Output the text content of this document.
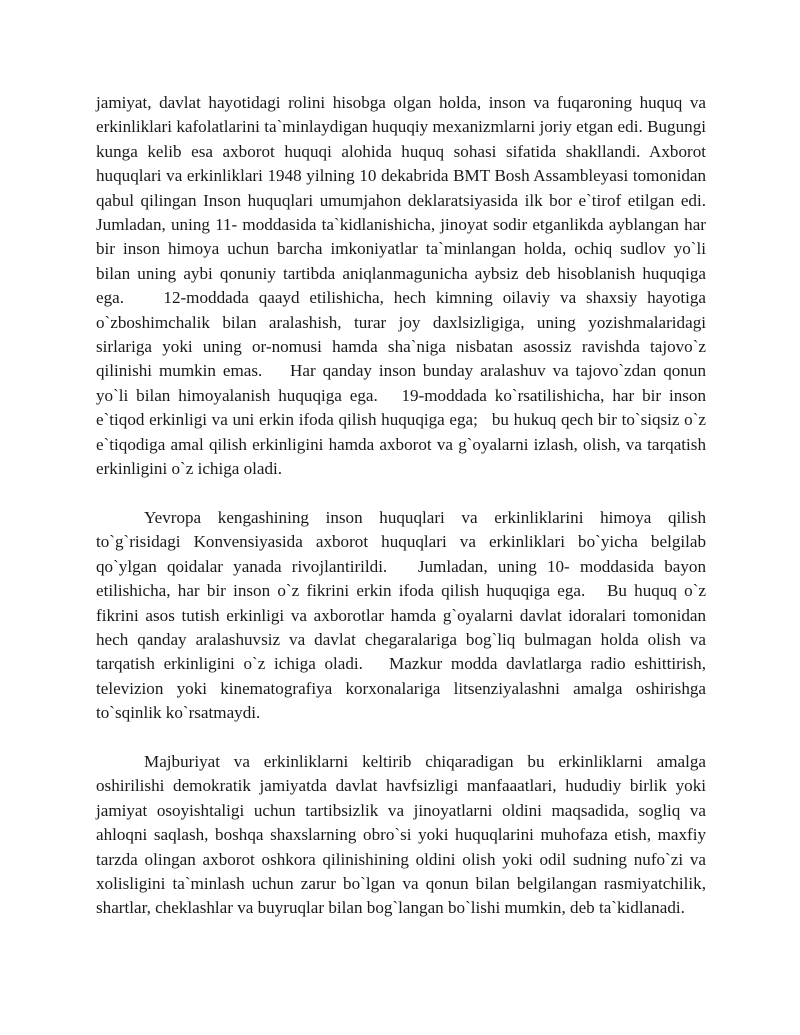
jamiyat, davlat hayotidagi rolini hisobga olgan holda, inson va fuqaroning huquq va erkinliklari kafolatlarini ta`minlaydigan huquqiy mexanizmlarni joriy etgan edi. Bugungi kunga kelib esa axborot huquqi alohida huquq sohasi sifatida shakllandi. Axborot huquqlari va erkinliklari 1948 yilning 10 dekabrida BMT Bosh Assambleyasi tomonidan qabul qilingan Inson huquqlari umumjahon deklaratsiyasida ilk bor e`tirof etilgan edi. Jumladan, uning 11- moddasida ta`kidlanishicha, jinoyat sodir etganlikda ayblangan har bir inson himoya uchun barcha imkoniyatlar ta`minlangan holda, ochiq sudlov yo`li bilan uning aybi qonuniy tartibda aniqlanmagunicha aybsiz deb hisoblanish huquqiga ega.    12-moddada qaayd etilishicha, hech kimning oilaviy va shaxsiy hayotiga o`zboshimchalik bilan aralashish, turar joy daxlsizligiga, uning yozishmalaridagi sirlariga yoki uning or-nomusi hamda sha`niga nisbatan asossiz ravishda tajovo`z qilinishi mumkin emas.    Har qanday inson bunday aralashuv va tajovo`zdan qonun yo`li bilan himoyalanish huquqiga ega.   19-moddada ko`rsatilishicha, har bir inson e`tiqod erkinligi va uni erkin ifoda qilish huquqiga ega;   bu hukuq qech bir to`siqsiz o`z e`tiqodiga amal qilish erkinligini hamda axborot va g`oyalarni izlash, olish, va tarqatish erkinligini o`z ichiga oladi.

Yevropa kengashining inson huquqlari va erkinliklarini himoya qilish to`g`risidagi Konvensiyasida axborot huquqlari va erkinliklari bo`yicha belgilab qo`ylgan qoidalar yanada rivojlantirildi.   Jumladan, uning 10- moddasida bayon etilishicha, har bir inson o`z fikrini erkin ifoda qilish huquqiga ega.   Bu huquq o`z fikrini asos tutish erkinligi va axborotlar hamda g`oyalarni davlat idoralari tomonidan hech qanday aralashuvsiz va davlat chegaralariga bog`liq bulmagan holda olish va tarqatish erkinligini o`z ichiga oladi.   Mazkur modda davlatlarga radio eshittirish, televizion yoki kinematografiya korxonalariga litsenziyalashni amalga oshirishga to`sqinlik ko`rsatmaydi.

Majburiyat va erkinliklarni keltirib chiqaradigan bu erkinliklarni amalga oshirilishi demokratik jamiyatda davlat havfsizligi manfaaatlari, hududiy birlik yoki jamiyat osoyishtaligi uchun tartibsizlik va jinoyatlarni oldini maqsadida, sogliq va ahloqni saqlash, boshqa shaxslarning obro`si yoki huquqlarini muhofaza etish, maxfiy tarzda olingan axborot oshkora qilinishining oldini olish yoki odil sudning nufo`zi va xolisligini ta`minlash uchun zarur bo`lgan va qonun bilan belgilangan rasmiyatchilik, shartlar, cheklashlar va buyruqlar bilan bog`langan bo`lishi mumkin, deb ta`kidlanadi.
